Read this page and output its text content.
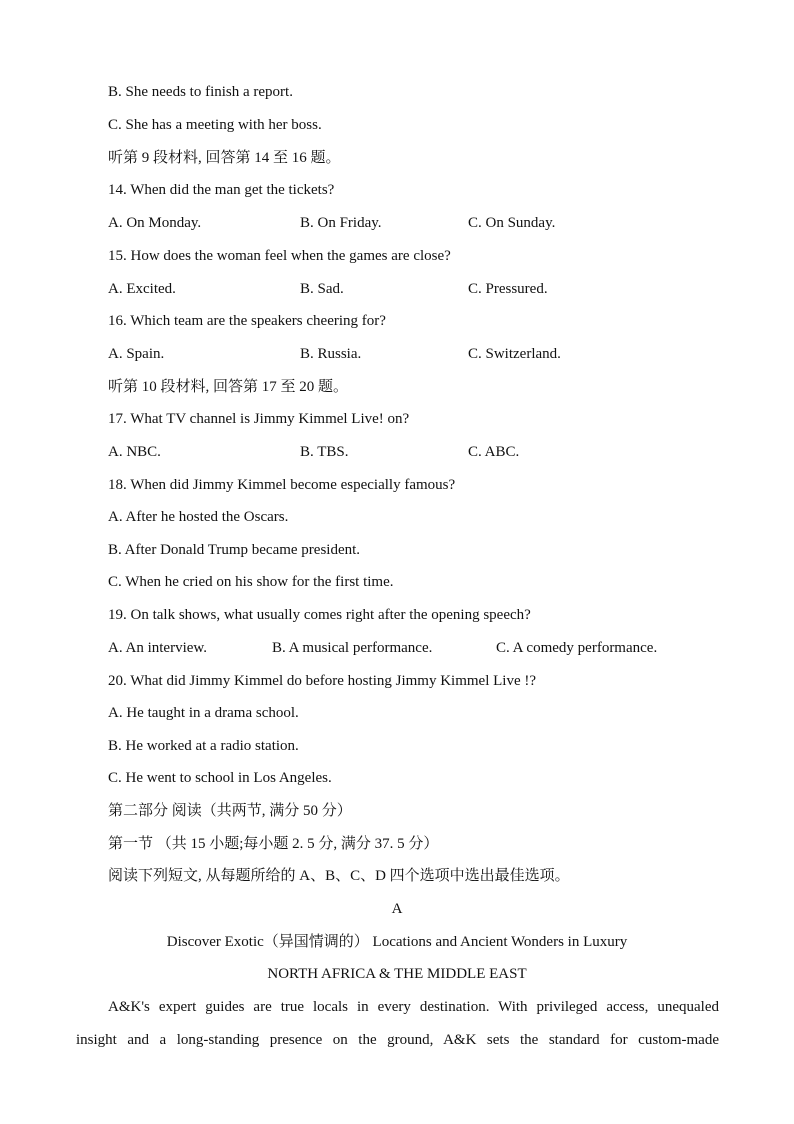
B. She needs to finish a report.
C. She has a meeting with her boss.
听第 9 段材料, 回答第 14 至 16 题。
14. When did the man get the tickets?
A. On Monday.	B. On Friday.	C. On Sunday.
15. How does the woman feel when the games are close?
A. Excited.	B. Sad.	C. Pressured.
16. Which team are the speakers cheering for?
A. Spain.	B. Russia.	C. Switzerland.
听第 10 段材料, 回答第 17 至 20 题。
17. What TV channel is Jimmy Kimmel Live! on?
A. NBC.	B. TBS.	C. ABC.
18. When did Jimmy Kimmel become especially famous?
A. After he hosted the Oscars.
B. After Donald Trump became president.
C. When he cried on his show for the first time.
19. On talk shows, what usually comes right after the opening speech?
A. An interview.	B. A musical performance.	C. A comedy performance.
20. What did Jimmy Kimmel do before hosting Jimmy Kimmel Live !?
A. He taught in a drama school.
B. He worked at a radio station.
C. He went to school in Los Angeles.
第二部分 阅读（共两节, 满分 50 分）
第一节 （共 15 小题;每小题 2. 5 分, 满分 37. 5 分）
阅读下列短文, 从每题所给的 A、B、C、D 四个选项中选出最佳选项。
A
Discover Exotic（异国情调的） Locations and Ancient Wonders in Luxury
NORTH AFRICA & THE MIDDLE EAST
A&K's expert guides are true locals in every destination. With privileged access, unequaled
insight and a long-standing presence on the ground, A&K sets the standard for custom-made
